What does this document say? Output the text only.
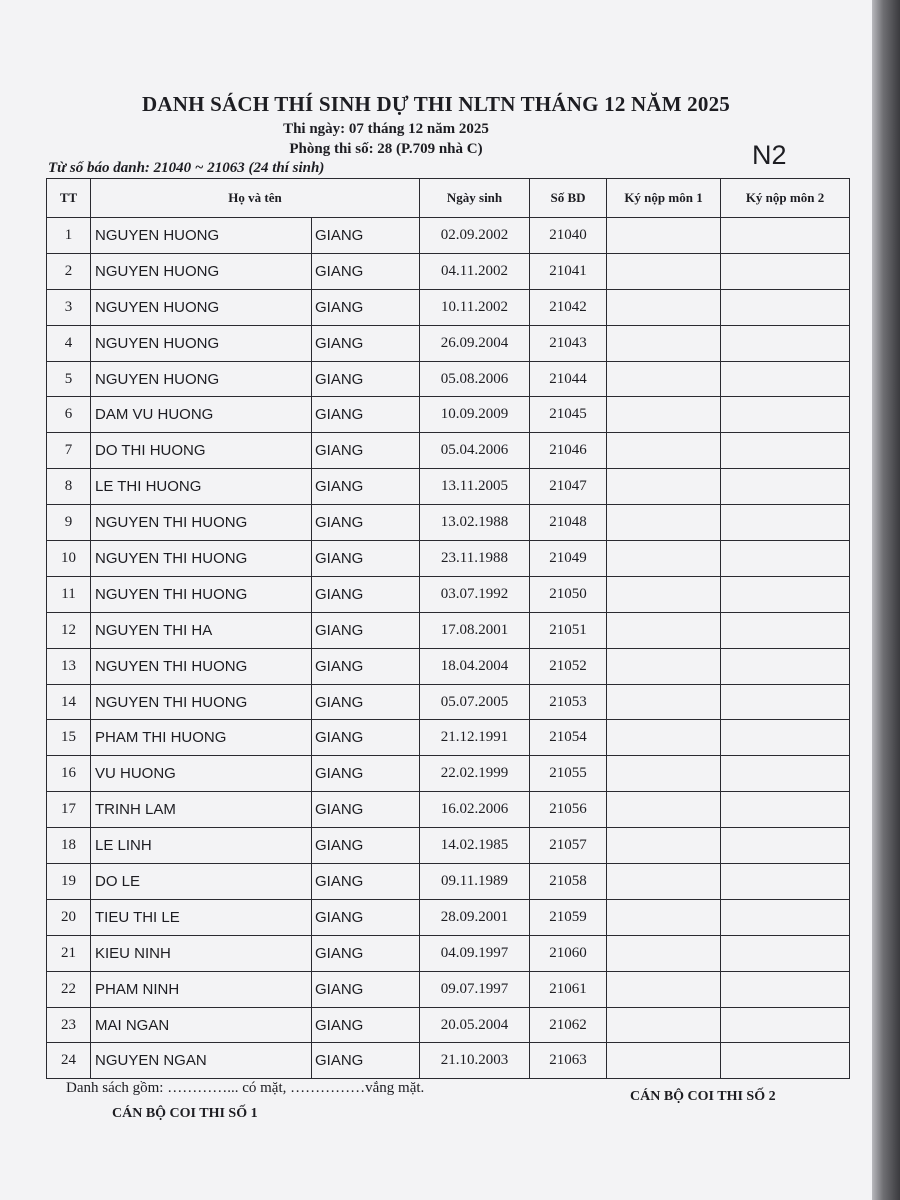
DANH SÁCH THÍ SINH DỰ THI NLTN THÁNG 12 NĂM 2025
Thi ngày: 07 tháng 12 năm 2025
Phòng thi số: 28 (P.709 nhà C)
Từ số báo danh: 21040 ~ 21063 (24 thí sinh)	N2
TT	Họ và tên		Ngày sinh	Số BD	Ký nộp môn 1	Ký nộp môn 2
1	NGUYEN HUONG	GIANG	02.09.2002	21040		
2	NGUYEN HUONG	GIANG	04.11.2002	21041		
3	NGUYEN HUONG	GIANG	10.11.2002	21042		
4	NGUYEN HUONG	GIANG	26.09.2004	21043		
5	NGUYEN HUONG	GIANG	05.08.2006	21044		
6	DAM VU HUONG	GIANG	10.09.2009	21045		
7	DO THI HUONG	GIANG	05.04.2006	21046		
8	LE THI HUONG	GIANG	13.11.2005	21047		
9	NGUYEN THI HUONG	GIANG	13.02.1988	21048		
10	NGUYEN THI HUONG	GIANG	23.11.1988	21049		
11	NGUYEN THI HUONG	GIANG	03.07.1992	21050		
12	NGUYEN THI HA	GIANG	17.08.2001	21051		
13	NGUYEN THI HUONG	GIANG	18.04.2004	21052		
14	NGUYEN THI HUONG	GIANG	05.07.2005	21053		
15	PHAM THI HUONG	GIANG	21.12.1991	21054		
16	VU HUONG	GIANG	22.02.1999	21055		
17	TRINH LAM	GIANG	16.02.2006	21056		
18	LE LINH	GIANG	14.02.1985	21057		
19	DO LE	GIANG	09.11.1989	21058		
20	TIEU THI LE	GIANG	28.09.2001	21059		
21	KIEU NINH	GIANG	04.09.1997	21060		
22	PHAM NINH	GIANG	09.07.1997	21061		
23	MAI NGAN	GIANG	20.05.2004	21062		
24	NGUYEN NGAN	GIANG	21.10.2003	21063		
Danh sách gồm: …………... có mặt, ……………vắng mặt.
CÁN BỘ COI THI SỐ 1
CÁN BỘ COI THI SỐ 2
